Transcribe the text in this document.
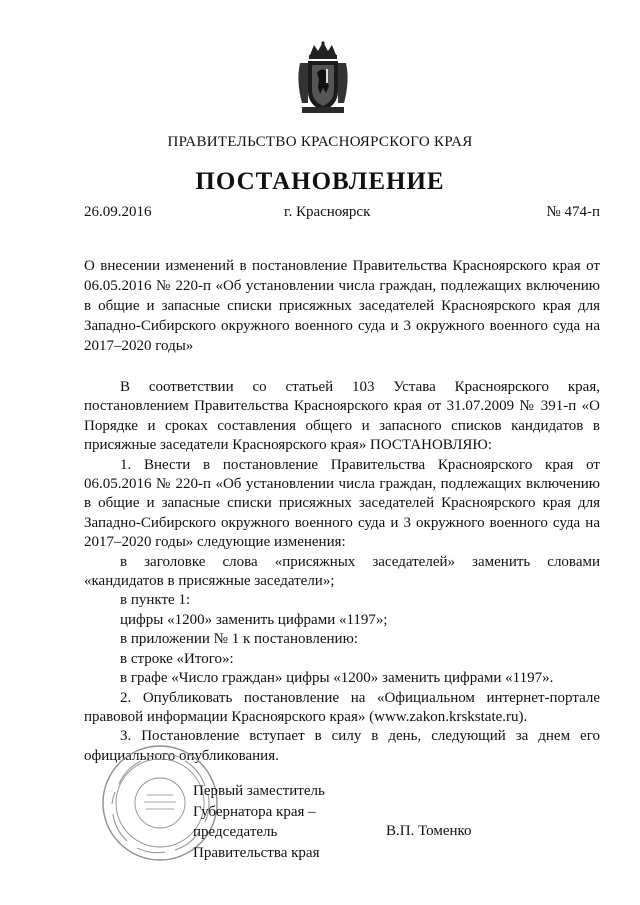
ПРАВИТЕЛЬСТВО КРАСНОЯРСКОГО КРАЯ
ПОСТАНОВЛЕНИЕ
26.09.2016	г. Красноярск	№ 474-п
О внесении изменений в постановление Правительства Красноярского края от 06.05.2016 № 220-п «Об установлении числа граждан, подлежащих включению в общие и запасные списки присяжных заседателей Красноярского края для Западно-Сибирского окружного военного суда и 3 окружного военного суда на 2017–2020 годы»

В соответствии со статьей 103 Устава Красноярского края, постановлением Правительства Красноярского края от 31.07.2009 № 391-п «О Порядке и сроках составления общего и запасного списков кандидатов в присяжные заседатели Красноярского края» ПОСТАНОВЛЯЮ:

1. Внести в постановление Правительства Красноярского края от 06.05.2016 № 220-п «Об установлении числа граждан, подлежащих включению в общие и запасные списки присяжных заседателей Красноярского края для Западно-Сибирского окружного военного суда и 3 окружного военного суда на 2017–2020 годы» следующие изменения:

в заголовке слова «присяжных заседателей» заменить словами «кандидатов в присяжные заседатели»;

в пункте 1:

цифры «1200» заменить цифрами «1197»;

в приложении № 1 к постановлению:

в строке «Итого»:

в графе «Число граждан» цифры «1200» заменить цифрами «1197».

2. Опубликовать постановление на «Официальном интернет-портале правовой информации Красноярского края» (www.zakon.krskstate.ru).

3. Постановление вступает в силу в день, следующий за днем его официального опубликования.

Первый заместитель
Губернатора края –
председатель
Правительства края
В.П. Томенко
